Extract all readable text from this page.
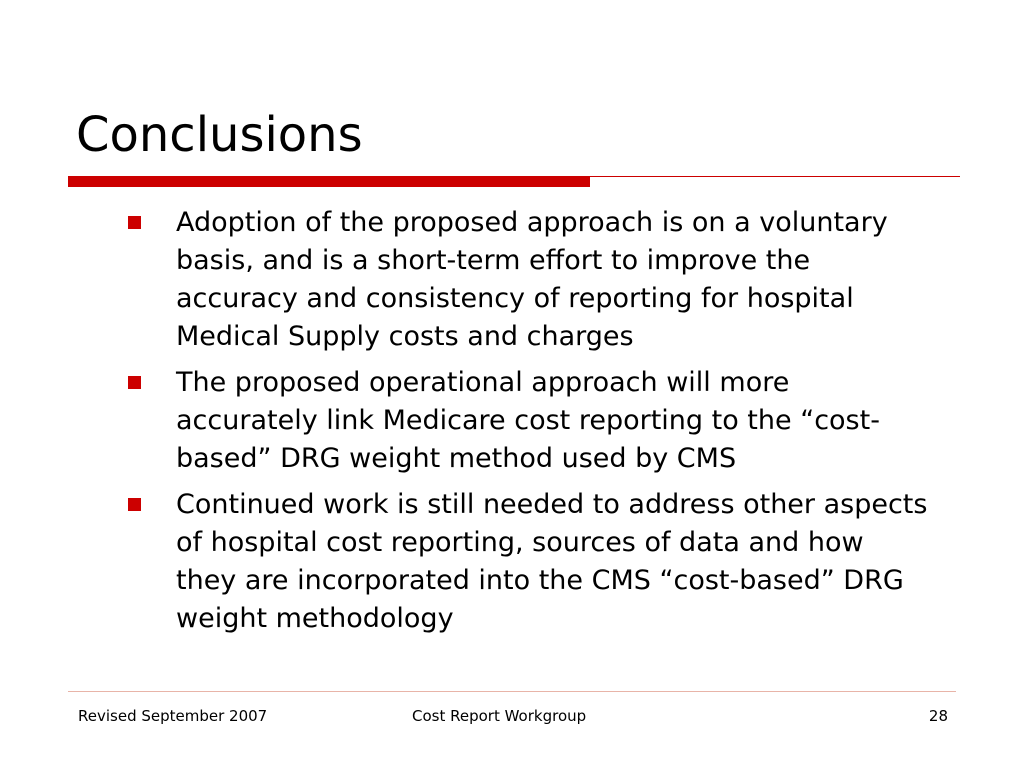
Conclusions
Adoption of the proposed approach is on a voluntary basis, and is a short-term effort to improve the accuracy and consistency of reporting for hospital Medical Supply costs and charges
The proposed operational approach will more accurately link Medicare cost reporting to the “cost-based” DRG weight method used by CMS
Continued work is still needed to address other aspects of hospital cost reporting, sources of data and how they are incorporated into the CMS “cost-based” DRG weight methodology
Revised September 2007	Cost Report Workgroup	28
